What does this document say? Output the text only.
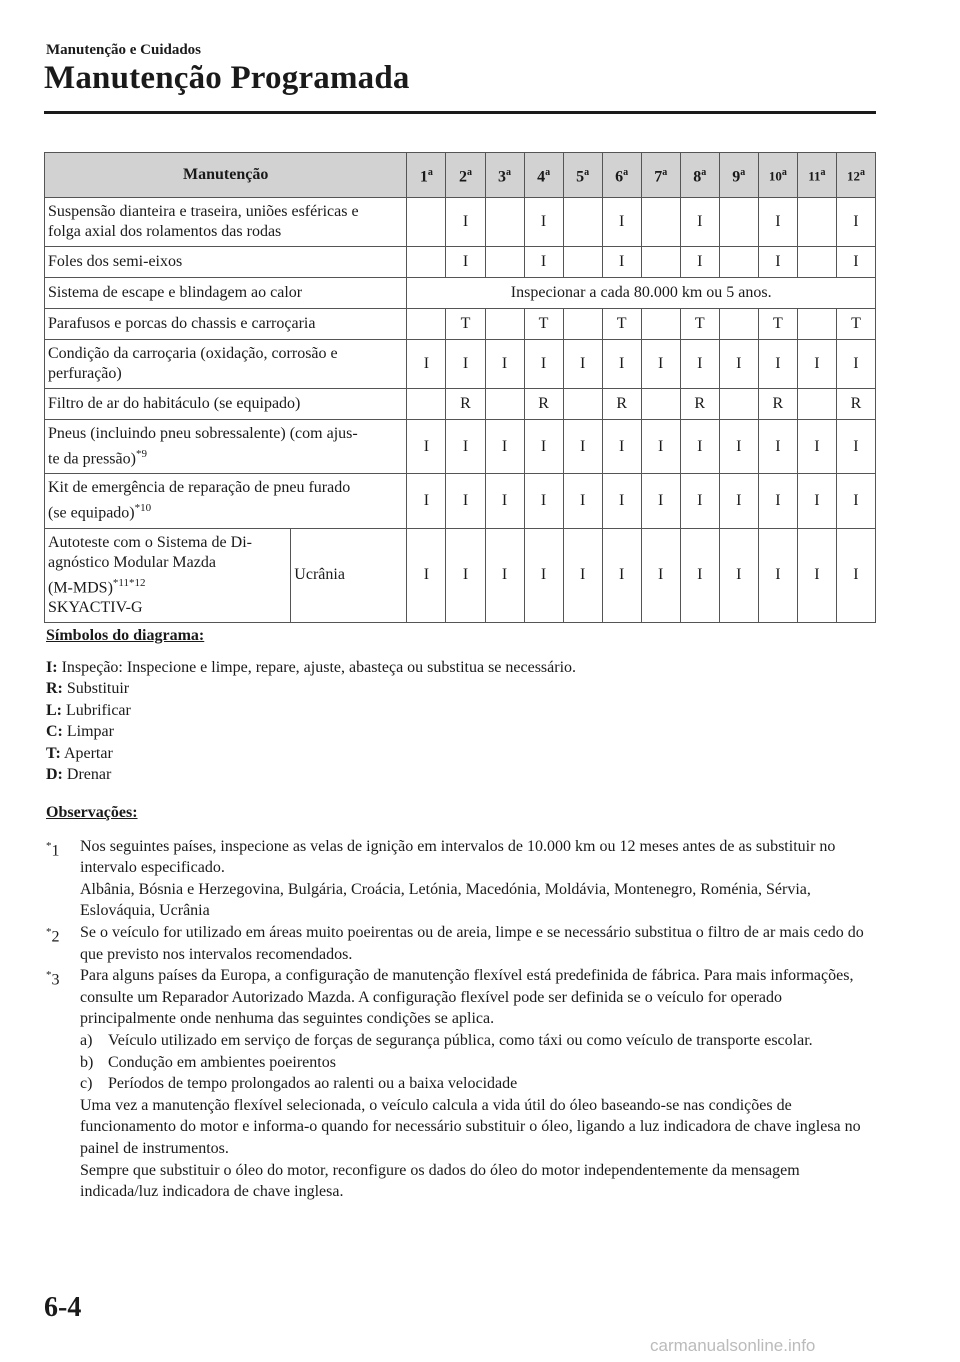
Manutenção e Cuidados
Manutenção Programada
Manutenção		1$^a$	2$^a$	3$^a$	4$^a$	5$^a$	6$^a$	7$^a$	8$^a$	9$^a$	10$^a$	11$^a$	12$^a$

Suspensão dianteira e traseira, uniões esféricas e
folga axial dos rolamentos das rodas			I		I		I		I		I		I

Foles dos semi-eixos			I		I		I		I		I		I

Sistema de escape e blindagem ao calor		Inspecionar a cada 80.000 km ou 5 anos.											

Parafusos e porcas do chassis e carroçaria			T		T		T		T		T		T

Condição da carroçaria (oxidação, corrosão e
perfuração)		I	I	I	I	I	I	I	I	I	I	I	I

Filtro de ar do habitáculo (se equipado)			R		R		R		R		R		R

Pneus (incluindo pneu sobressalente) (com ajus-
te da pressão)$^{*9}$		I	I	I	I	I	I	I	I	I	I	I	I

Kit de emergência de reparação de pneu furado
(se equipado)$^{*10}$		I	I	I	I	I	I	I	I	I	I	I	I

Autoteste com o Sistema de Di-
agnóstico Modular Mazda
$(M-MDS)^{*11*12}$
SKYACTIV-G	Ucrânia	I	I	I	I	I	I	I	I	I	I	I	I
Símbolos do diagrama:
I: Inspeção: Inspecione e limpe, repare, ajuste, abasteça ou substitua se necessário.
R: Substituir
L: Lubrificar
C: Limpar
T: Apertar
D: Drenar
Observações:
*1	Nos seguintes países, inspecione as velas de ignição em intervalos de 10.000 km ou 12 meses antes de as substituir no intervalo especificado.
Albânia, Bósnia e Herzegovina, Bulgária, Croácia, Letónia, Macedónia, Moldávia, Montenegro, Roménia, Sérvia, Eslováquia, Ucrânia
*2	Se o veículo for utilizado em áreas muito poeirentas ou de areia, limpe e se necessário substitua o filtro de ar mais cedo do que previsto nos intervalos recomendados.
*3	Para alguns países da Europa, a configuração de manutenção flexível está predefinida de fábrica. Para mais informações, consulte um Reparador Autorizado Mazda. A configuração flexível pode ser definida se o veículo for operado principalmente onde nenhuma das seguintes condições se aplica.
a) Veículo utilizado em serviço de forças de segurança pública, como táxi ou como veículo de transporte escolar.
b) Condução em ambientes poeirentos
c) Períodos de tempo prolongados ao ralenti ou a baixa velocidade
Uma vez a manutenção flexível selecionada, o veículo calcula a vida útil do óleo baseando-se nas condições de funcionamento do motor e informa-o quando for necessário substituir o óleo, ligando a luz indicadora de chave inglesa no painel de instrumentos.
Sempre que substituir o óleo do motor, reconfigure os dados do óleo do motor independentemente da mensagem indicada/luz indicadora de chave inglesa.
6-4
carmanualsonline.info
